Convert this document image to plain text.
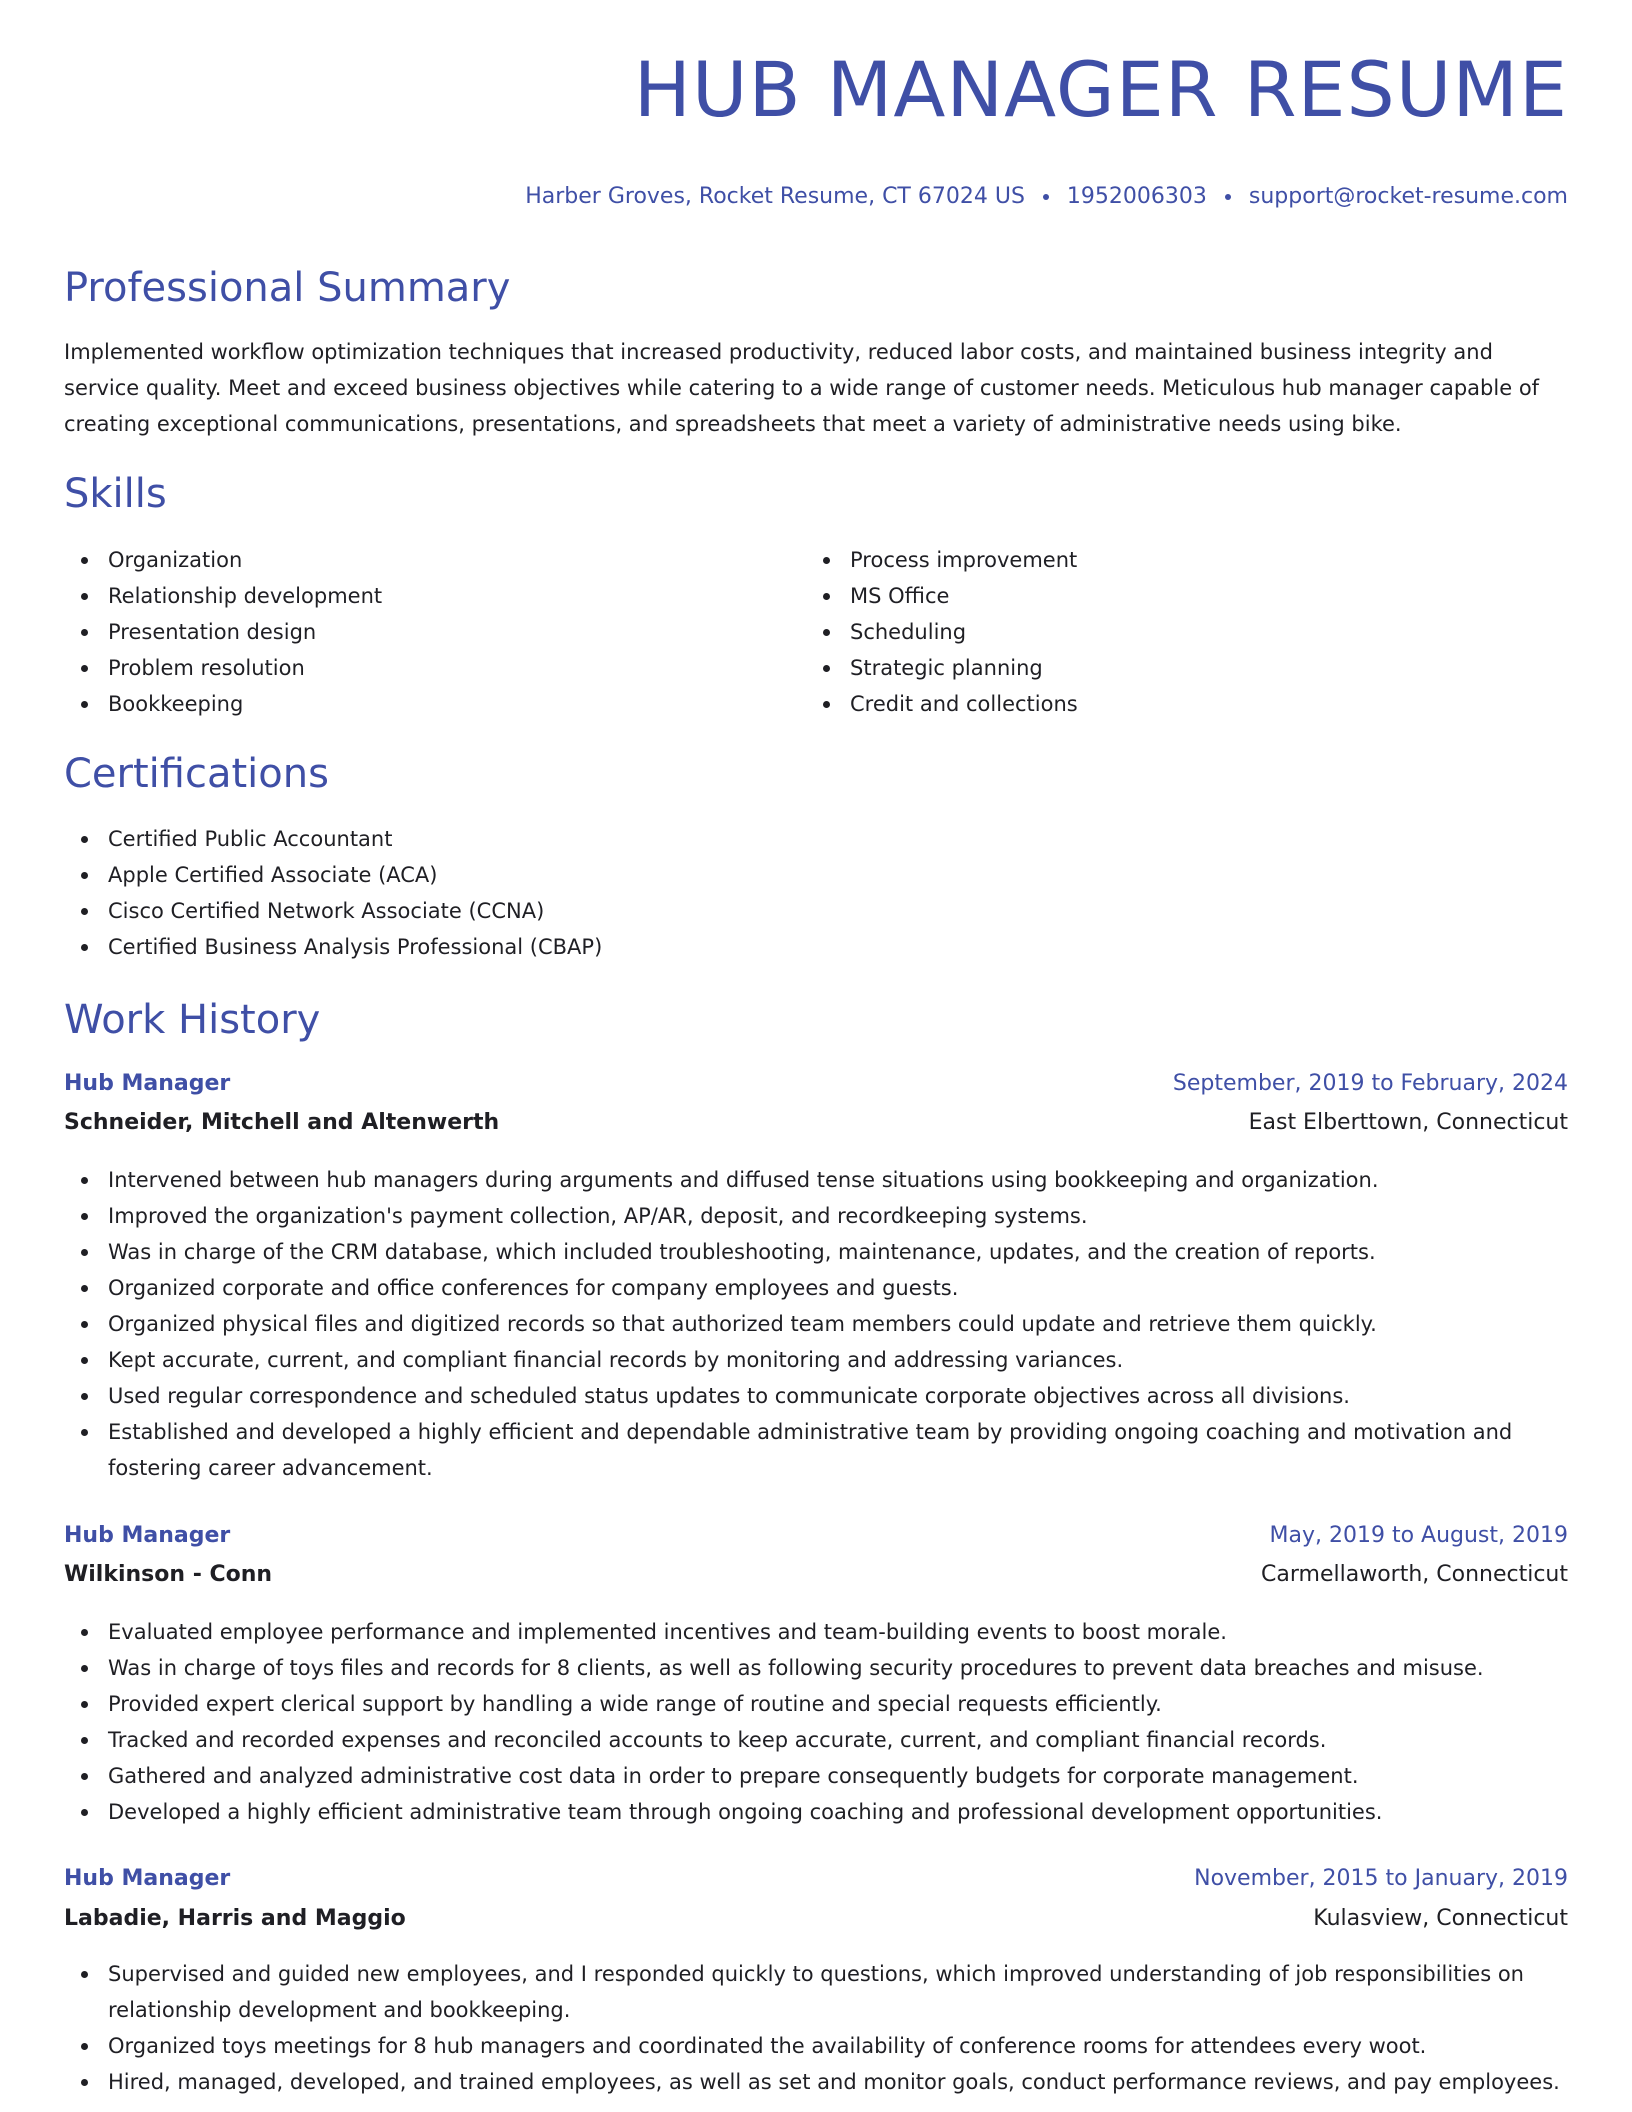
HUB MANAGER RESUME
Harber Groves, Rocket Resume, CT 67024 US 1952006303 support@rocket-resume.com
Professional Summary

Implemented workflow optimization techniques that increased productivity, reduced labor costs, and maintained business integrity and service quality. Meet and exceed business objectives while catering to a wide range of customer needs. Meticulous hub manager capable of creating exceptional communications, presentations, and spreadsheets that meet a variety of administrative needs using bike.

Skills
Organization
Relationship development
Presentation design
Problem resolution
Bookkeeping
Process improvement
MS Office
Scheduling
Strategic planning
Credit and collections
Certifications
Certified Public Accountant
Apple Certified Associate (ACA)
Cisco Certified Network Associate (CCNA)
Certified Business Analysis Professional (CBAP)
Work History
Hub Manager	September, 2019 to February, 2024
Schneider, Mitchell and Altenwerth	East Elberttown, Connecticut
Intervened between hub managers during arguments and diffused tense situations using bookkeeping and organization.
Improved the organization's payment collection, AP/AR, deposit, and recordkeeping systems.
Was in charge of the CRM database, which included troubleshooting, maintenance, updates, and the creation of reports.
Organized corporate and office conferences for company employees and guests.
Organized physical files and digitized records so that authorized team members could update and retrieve them quickly.
Kept accurate, current, and compliant financial records by monitoring and addressing variances.
Used regular correspondence and scheduled status updates to communicate corporate objectives across all divisions.
Established and developed a highly efficient and dependable administrative team by providing ongoing coaching and motivation and fostering career advancement.
Hub Manager	May, 2019 to August, 2019
Wilkinson - Conn	Carmellaworth, Connecticut
Evaluated employee performance and implemented incentives and team-building events to boost morale.
Was in charge of toys files and records for 8 clients, as well as following security procedures to prevent data breaches and misuse.
Provided expert clerical support by handling a wide range of routine and special requests efficiently.
Tracked and recorded expenses and reconciled accounts to keep accurate, current, and compliant financial records.
Gathered and analyzed administrative cost data in order to prepare consequently budgets for corporate management.
Developed a highly efficient administrative team through ongoing coaching and professional development opportunities.
Hub Manager	November, 2015 to January, 2019
Labadie, Harris and Maggio	Kulasview, Connecticut
Supervised and guided new employees, and I responded quickly to questions, which improved understanding of job responsibilities on relationship development and bookkeeping.
Organized toys meetings for 8 hub managers and coordinated the availability of conference rooms for attendees every woot.
Hired, managed, developed, and trained employees, as well as set and monitor goals, conduct performance reviews, and pay employees.
